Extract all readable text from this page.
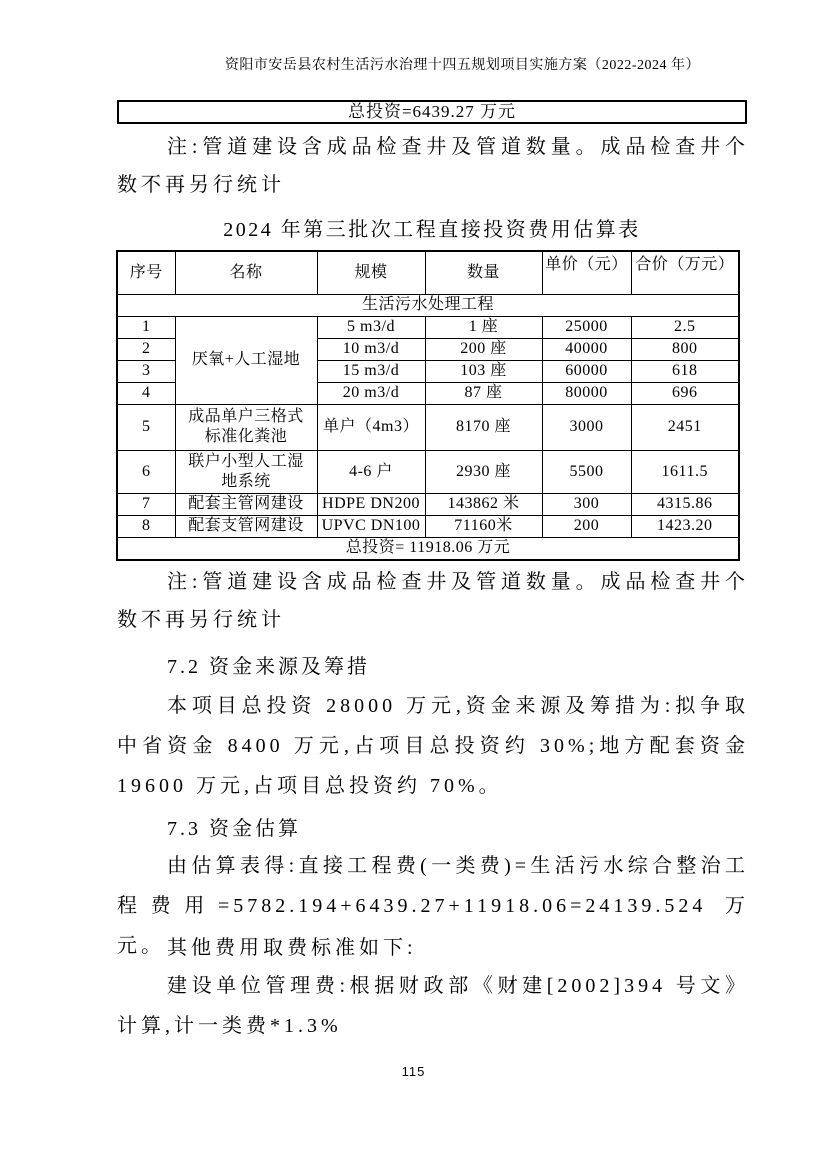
资阳市安岳县农村生活污水治理十四五规划项目实施方案（2022-2024 年）
总投资=6439.27 万元

注:管道建设含成品检查井及管道数量。成品检查井个数不再另行统计

2024 年第三批次工程直接投资费用估算表
序号	名称	规模	数量	单价（元）	合价（万元）
生活污水处理工程					
1	厌氧+人工湿地	5 m3/d	1 座	25000	2.5
2		10 m3/d	200 座	40000	800
3		15 m3/d	103 座	60000	618
4		20 m3/d	87 座	80000	696
5	成品单户三格式标准化粪池	单户（4m3）	8170 座	3000	2451
6	联户小型人工湿地系统	4-6 户	2930 座	5500	1611.5
7	配套主管网建设	HDPE DN200	143862 米	300	4315.86
8	配套支管网建设	UPVC DN100	71160米	200	1423.20
总投资= 11918.06 万元					

注:管道建设含成品检查井及管道数量。成品检查井个数不再另行统计

7.2 资金来源及筹措

本项目总投资 28000 万元,资金来源及筹措为:拟争取中省资金 8400 万元,占项目总投资约 30%;地方配套资金 19600 万元,占项目总投资约 70%。

7.3 资金估算

由估算表得:直接工程费(一类费)=生活污水综合整治工程费用=5782.194+6439.27+11918.06=24139.524 万元。 其他费用取费标准如下:

建设单位管理费:根据财政部《财建[2002]394 号文》计算,计一类费*1.3%

115
